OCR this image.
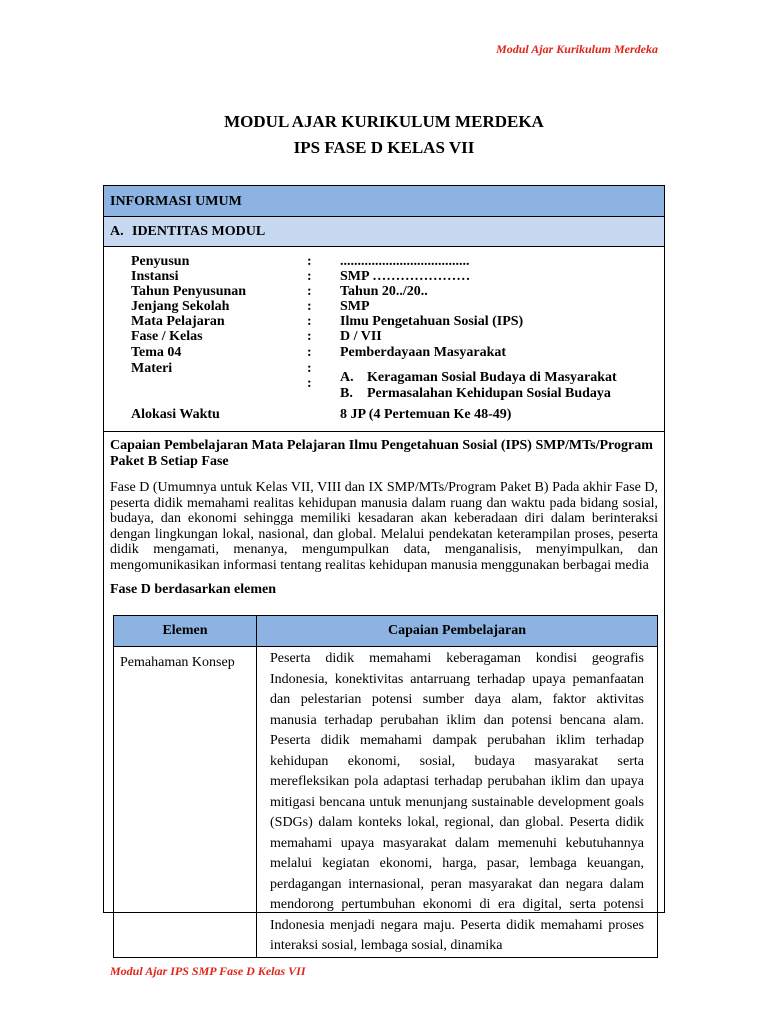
Modul Ajar Kurikulum Merdeka
MODUL AJAR KURIKULUM MERDEKA
IPS FASE D KELAS VII
INFORMASI UMUM
A. IDENTITAS MODUL
Penyusun	: .....................................
Instansi	: SMP …………………
Tahun Penyusunan	: Tahun 20../20..
Jenjang Sekolah	: SMP
Mata Pelajaran	: Ilmu Pengetahuan Sosial (IPS)
Fase / Kelas	: D / VII
Tema 04	: Pemberdayaan Masyarakat
Materi	:
: A. Keragaman Sosial Budaya di Masyarakat
B. Permasalahan Kehidupan Sosial Budaya
Alokasi Waktu	8 JP (4 Pertemuan Ke 48-49)
Capaian Pembelajaran Mata Pelajaran Ilmu Pengetahuan Sosial (IPS) SMP/MTs/Program Paket B Setiap Fase
Fase D (Umumnya untuk Kelas VII, VIII dan IX SMP/MTs/Program Paket B) Pada akhir Fase D, peserta didik memahami realitas kehidupan manusia dalam ruang dan waktu pada bidang sosial, budaya, dan ekonomi sehingga memiliki kesadaran akan keberadaan diri dalam berinteraksi dengan lingkungan lokal, nasional, dan global. Melalui pendekatan keterampilan proses, peserta didik mengamati, menanya, mengumpulkan data, menganalisis, menyimpulkan, dan mengomunikasikan informasi tentang realitas kehidupan manusia menggunakan berbagai media
Fase D berdasarkan elemen
Elemen	Capaian Pembelajaran
Pemahaman Konsep	Peserta didik memahami keberagaman kondisi geografis Indonesia, konektivitas antarruang terhadap upaya pemanfaatan dan pelestarian potensi sumber daya alam, faktor aktivitas manusia terhadap perubahan iklim dan potensi bencana alam. Peserta didik memahami dampak perubahan iklim terhadap kehidupan ekonomi, sosial, budaya masyarakat serta merefleksikan pola adaptasi terhadap perubahan iklim dan upaya mitigasi bencana untuk menunjang sustainable development goals (SDGs) dalam konteks lokal, regional, dan global. Peserta didik memahami upaya masyarakat dalam memenuhi kebutuhannya melalui kegiatan ekonomi, harga, pasar, lembaga keuangan, perdagangan internasional, peran masyarakat dan negara dalam mendorong pertumbuhan ekonomi di era digital, serta potensi Indonesia menjadi negara maju. Peserta didik memahami proses interaksi sosial, lembaga sosial, dinamika
Modul Ajar IPS SMP Fase D Kelas VII
